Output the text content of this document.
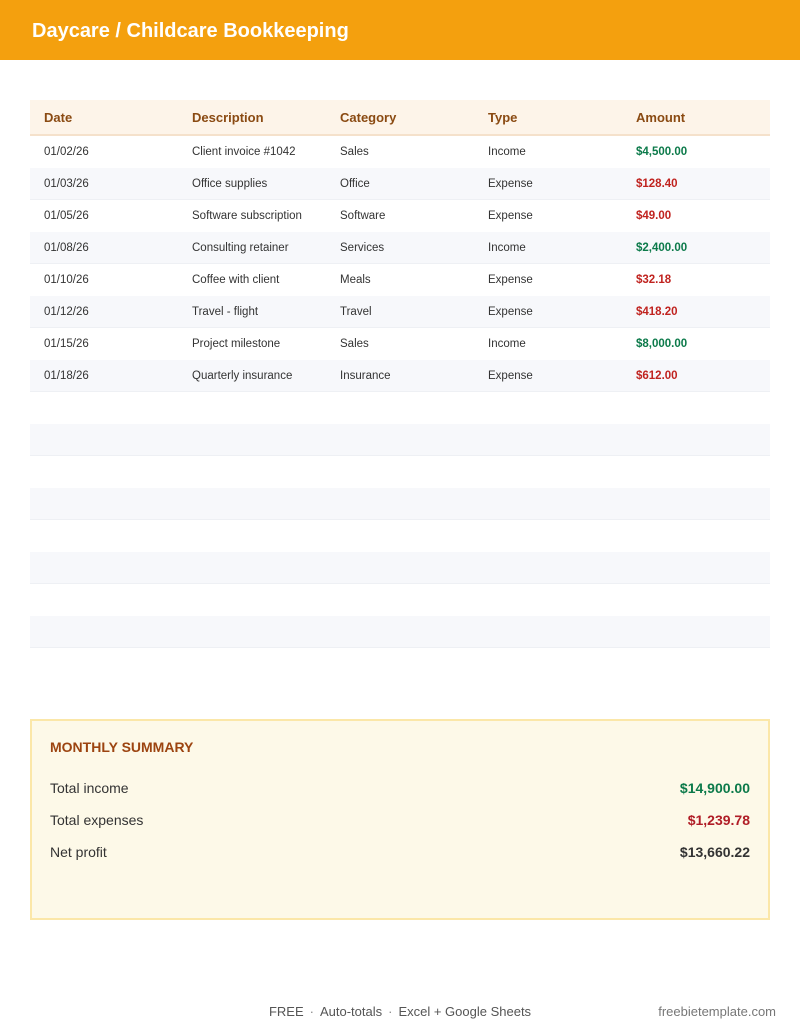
Daycare / Childcare Bookkeeping
Date	Description	Category	Type	Amount
01/02/26	Client invoice #1042	Sales	Income	$4,500.00
01/03/26	Office supplies	Office	Expense	$128.40
01/05/26	Software subscription	Software	Expense	$49.00
01/08/26	Consulting retainer	Services	Income	$2,400.00
01/10/26	Coffee with client	Meals	Expense	$32.18
01/12/26	Travel - flight	Travel	Expense	$418.20
01/15/26	Project milestone	Sales	Income	$8,000.00
01/18/26	Quarterly insurance	Insurance	Expense	$612.00
MONTHLY SUMMARY
Total income	$14,900.00
Total expenses	$1,239.78
Net profit	$13,660.22
FREE · Auto-totals · Excel + Google Sheets	freebietemplate.com
